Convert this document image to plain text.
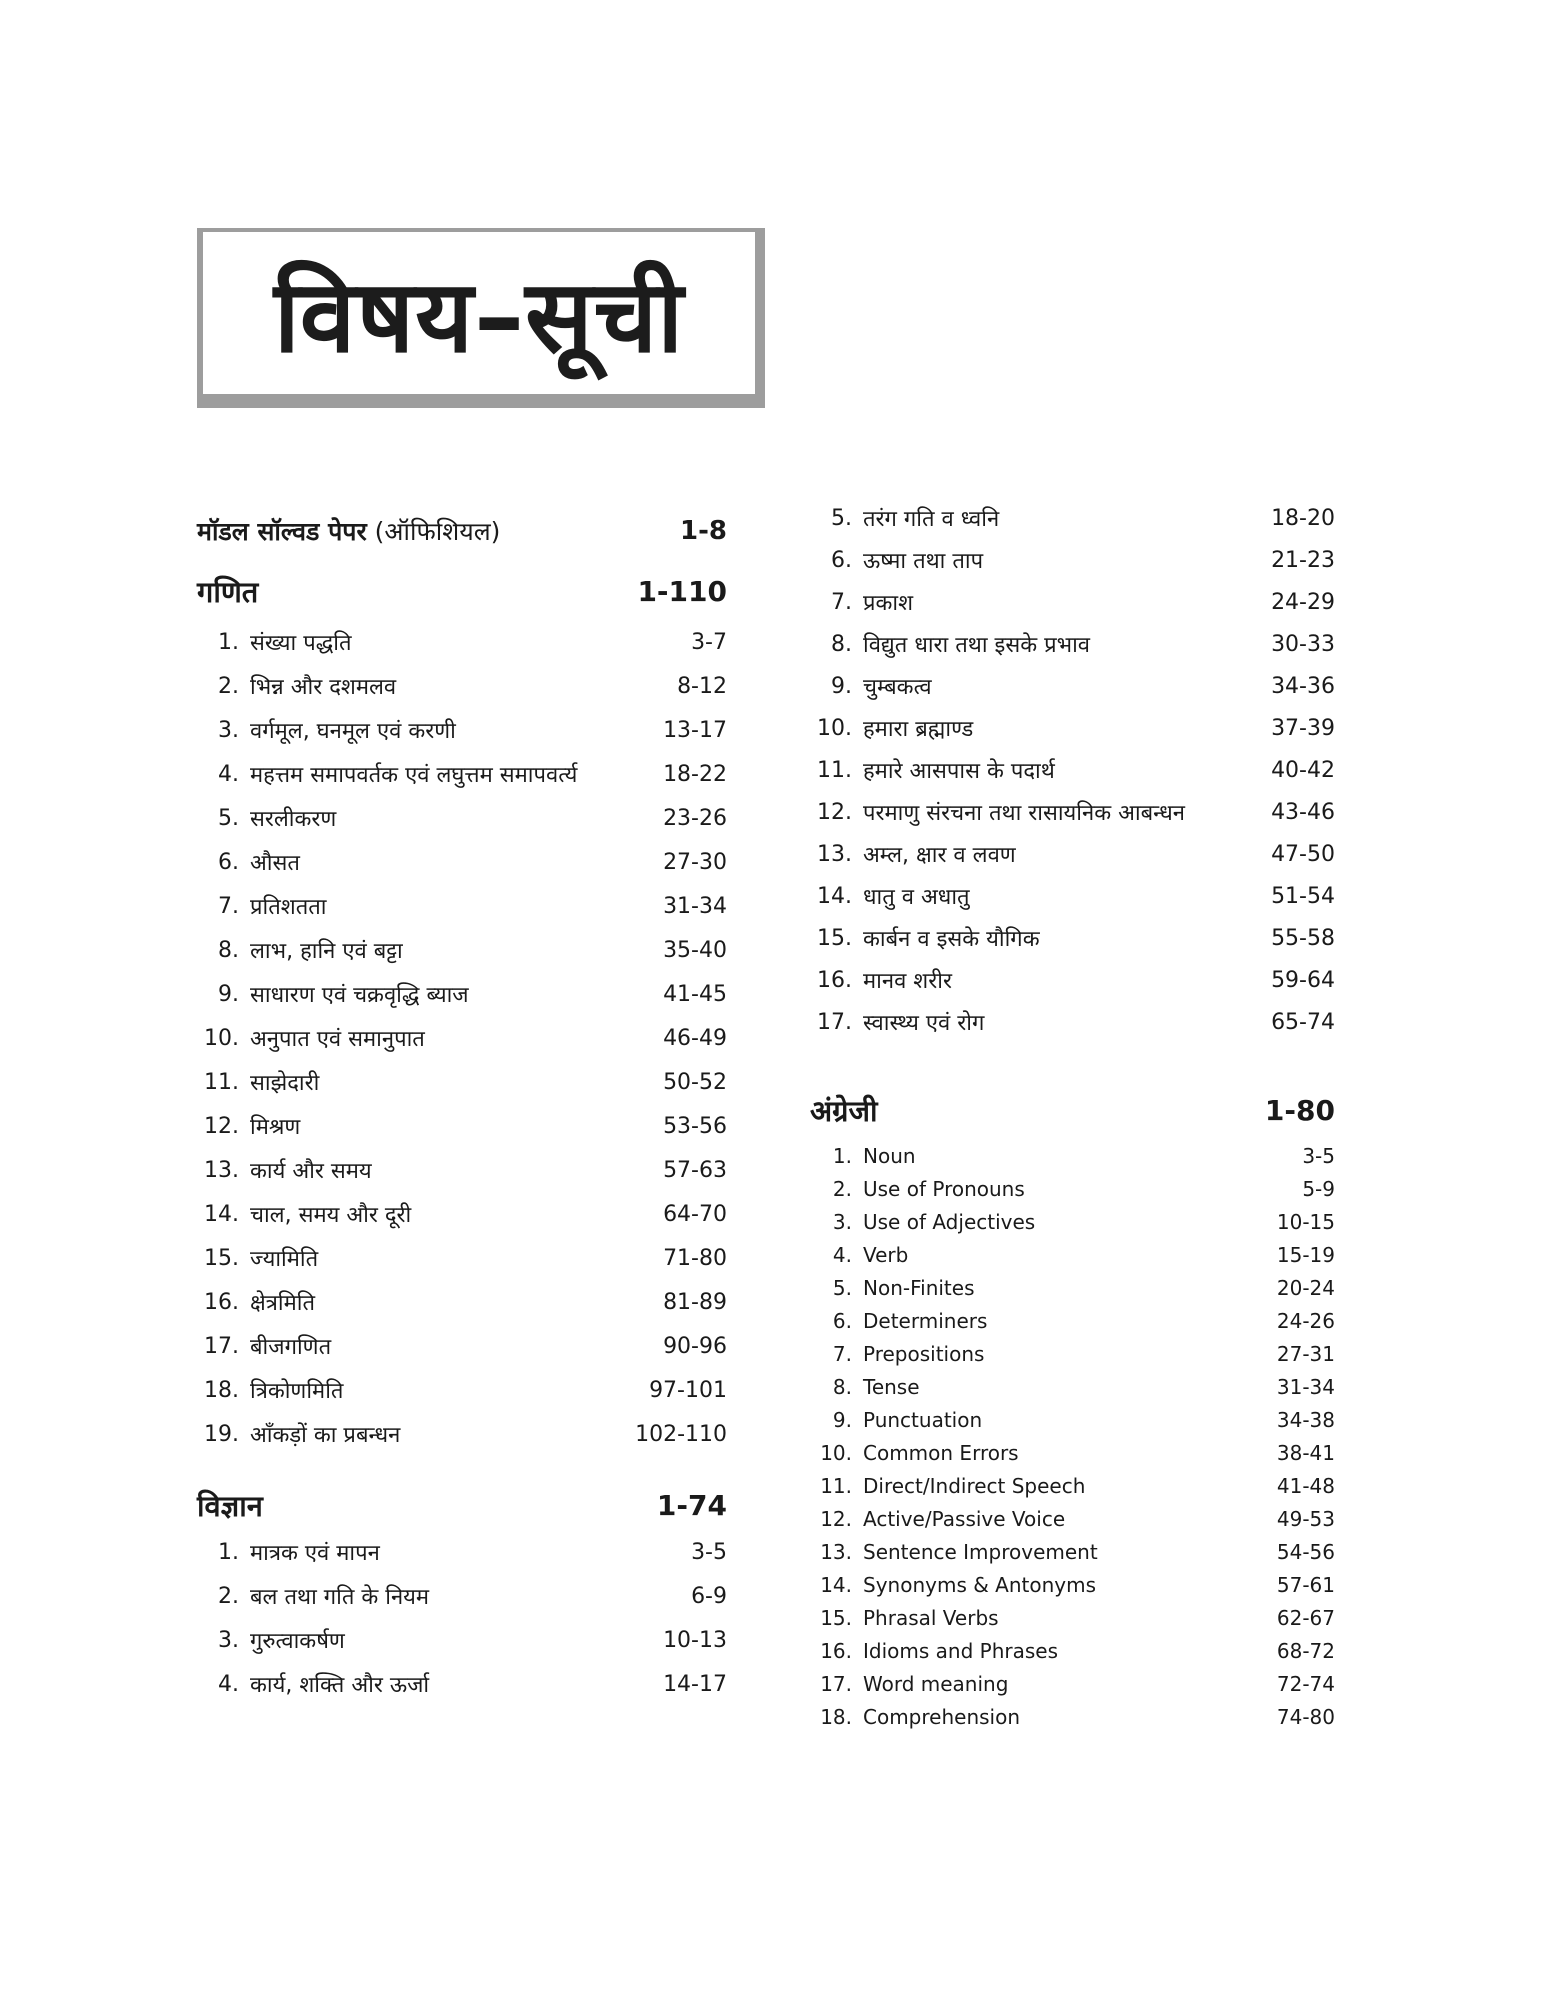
विषय–सूची
मॉडल सॉल्वड पेपर (ऑफिशियल)	1-8
गणित	1-110
1. संख्या पद्धति	3-7
2. भिन्न और दशमलव	8-12
3. वर्गमूल, घनमूल एवं करणी	13-17
4. महत्तम समापवर्तक एवं लघुत्तम समापवर्त्य	18-22
5. सरलीकरण	23-26
6. औसत	27-30
7. प्रतिशतता	31-34
8. लाभ, हानि एवं बट्टा	35-40
9. साधारण एवं चक्रवृद्धि ब्याज	41-45
10. अनुपात एवं समानुपात	46-49
11. साझेदारी	50-52
12. मिश्रण	53-56
13. कार्य और समय	57-63
14. चाल, समय और दूरी	64-70
15. ज्यामिति	71-80
16. क्षेत्रमिति	81-89
17. बीजगणित	90-96
18. त्रिकोणमिति	97-101
19. आँकड़ों का प्रबन्धन	102-110
विज्ञान	1-74
1. मात्रक एवं मापन	3-5
2. बल तथा गति के नियम	6-9
3. गुरुत्वाकर्षण	10-13
4. कार्य, शक्ति और ऊर्जा	14-17
5. तरंग गति व ध्वनि	18-20
6. ऊष्मा तथा ताप	21-23
7. प्रकाश	24-29
8. विद्युत धारा तथा इसके प्रभाव	30-33
9. चुम्बकत्व	34-36
10. हमारा ब्रह्माण्ड	37-39
11. हमारे आसपास के पदार्थ	40-42
12. परमाणु संरचना तथा रासायनिक आबन्धन	43-46
13. अम्ल, क्षार व लवण	47-50
14. धातु व अधातु	51-54
15. कार्बन व इसके यौगिक	55-58
16. मानव शरीर	59-64
17. स्वास्थ्य एवं रोग	65-74
अंग्रेजी	1-80
1. Noun	3-5
2. Use of Pronouns	5-9
3. Use of Adjectives	10-15
4. Verb	15-19
5. Non-Finites	20-24
6. Determiners	24-26
7. Prepositions	27-31
8. Tense	31-34
9. Punctuation	34-38
10. Common Errors	38-41
11. Direct/Indirect Speech	41-48
12. Active/Passive Voice	49-53
13. Sentence Improvement	54-56
14. Synonyms & Antonyms	57-61
15. Phrasal Verbs	62-67
16. Idioms and Phrases	68-72
17. Word meaning	72-74
18. Comprehension	74-80
